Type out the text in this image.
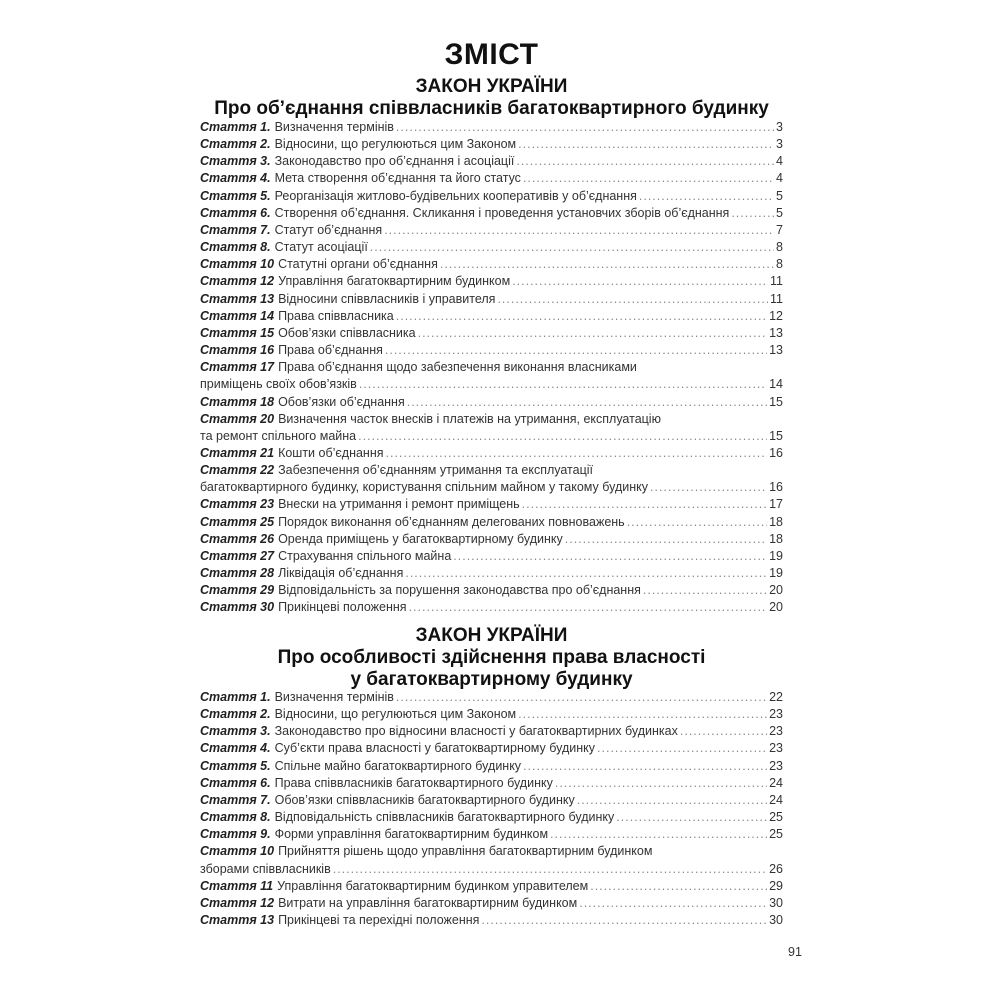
ЗМІСТ
ЗАКОН УКРАЇНИ
Про об’єднання співвласників багатоквартирного будинку
Стаття 1. Визначення термінів .....	3
Стаття 2. Відносини, що регулюються цим Законом .....	3
Стаття 3. Законодавство про об’єднання і асоціації .....	4
Стаття 4. Мета створення об’єднання та його статус .....	4
Стаття 5. Реорганізація житлово-будівельних кооперативів у об’єднання .....	5
Стаття 6. Створення об’єднання. Скликання і проведення установчих зборів об’єднання .....	5
Стаття 7. Статут об’єднання .....	7
Стаття 8. Статут асоціації .....	8
Стаття 10 Статутні органи об’єднання .....	8
Стаття 12 Управління багатоквартирним будинком .....	11
Стаття 13 Відносини співвласників і управителя .....	11
Стаття 14 Права співвласника .....	12
Стаття 15 Обов’язки співвласника .....	13
Стаття 16 Права об’єднання .....	13
Стаття 17 Права об’єднання щодо забезпечення виконання власниками
приміщень своїх обов’язків .....	14
Стаття 18 Обов’язки об’єднання .....	15
Стаття 20 Визначення часток внесків і платежів на утримання, експлуатацію
та ремонт спільного майна .....	15
Стаття 21 Кошти об’єднання .....	16
Стаття 22 Забезпечення об’єднанням утримання та експлуатації
багатоквартирного будинку, користування спільним майном у такому будинку .....	16
Стаття 23 Внески на утримання і ремонт приміщень .....	17
Стаття 25 Порядок виконання об’єднанням делегованих повноважень .....	18
Стаття 26 Оренда приміщень у багатоквартирному будинку .....	18
Стаття 27 Страхування спільного майна .....	19
Стаття 28 Ліквідація об’єднання .....	19
Стаття 29 Відповідальність за порушення законодавства про об’єднання .....	20
Стаття 30 Прикінцеві положення .....	20
ЗАКОН УКРАЇНИ
Про особливості здійснення права власності
у багатоквартирному будинку
Стаття 1. Визначення термінів .....	22
Стаття 2. Відносини, що регулюються цим Законом .....	23
Стаття 3. Законодавство про відносини власності у багатоквартирних будинках .....	23
Стаття 4. Суб’єкти права власності у багатоквартирному будинку .....	23
Стаття 5. Спільне майно багатоквартирного будинку .....	23
Стаття 6. Права співвласників багатоквартирного будинку .....	24
Стаття 7. Обов’язки співвласників багатоквартирного будинку .....	24
Стаття 8. Відповідальність співвласників багатоквартирного будинку .....	25
Стаття 9. Форми управління багатоквартирним будинком .....	25
Стаття 10 Прийняття рішень щодо управління багатоквартирним будинком
зборами співвласників .....	26
Стаття 11 Управління багатоквартирним будинком управителем .....	29
Стаття 12 Витрати на управління багатоквартирним будинком .....	30
Стаття 13 Прикінцеві та перехідні положення .....	30
91
